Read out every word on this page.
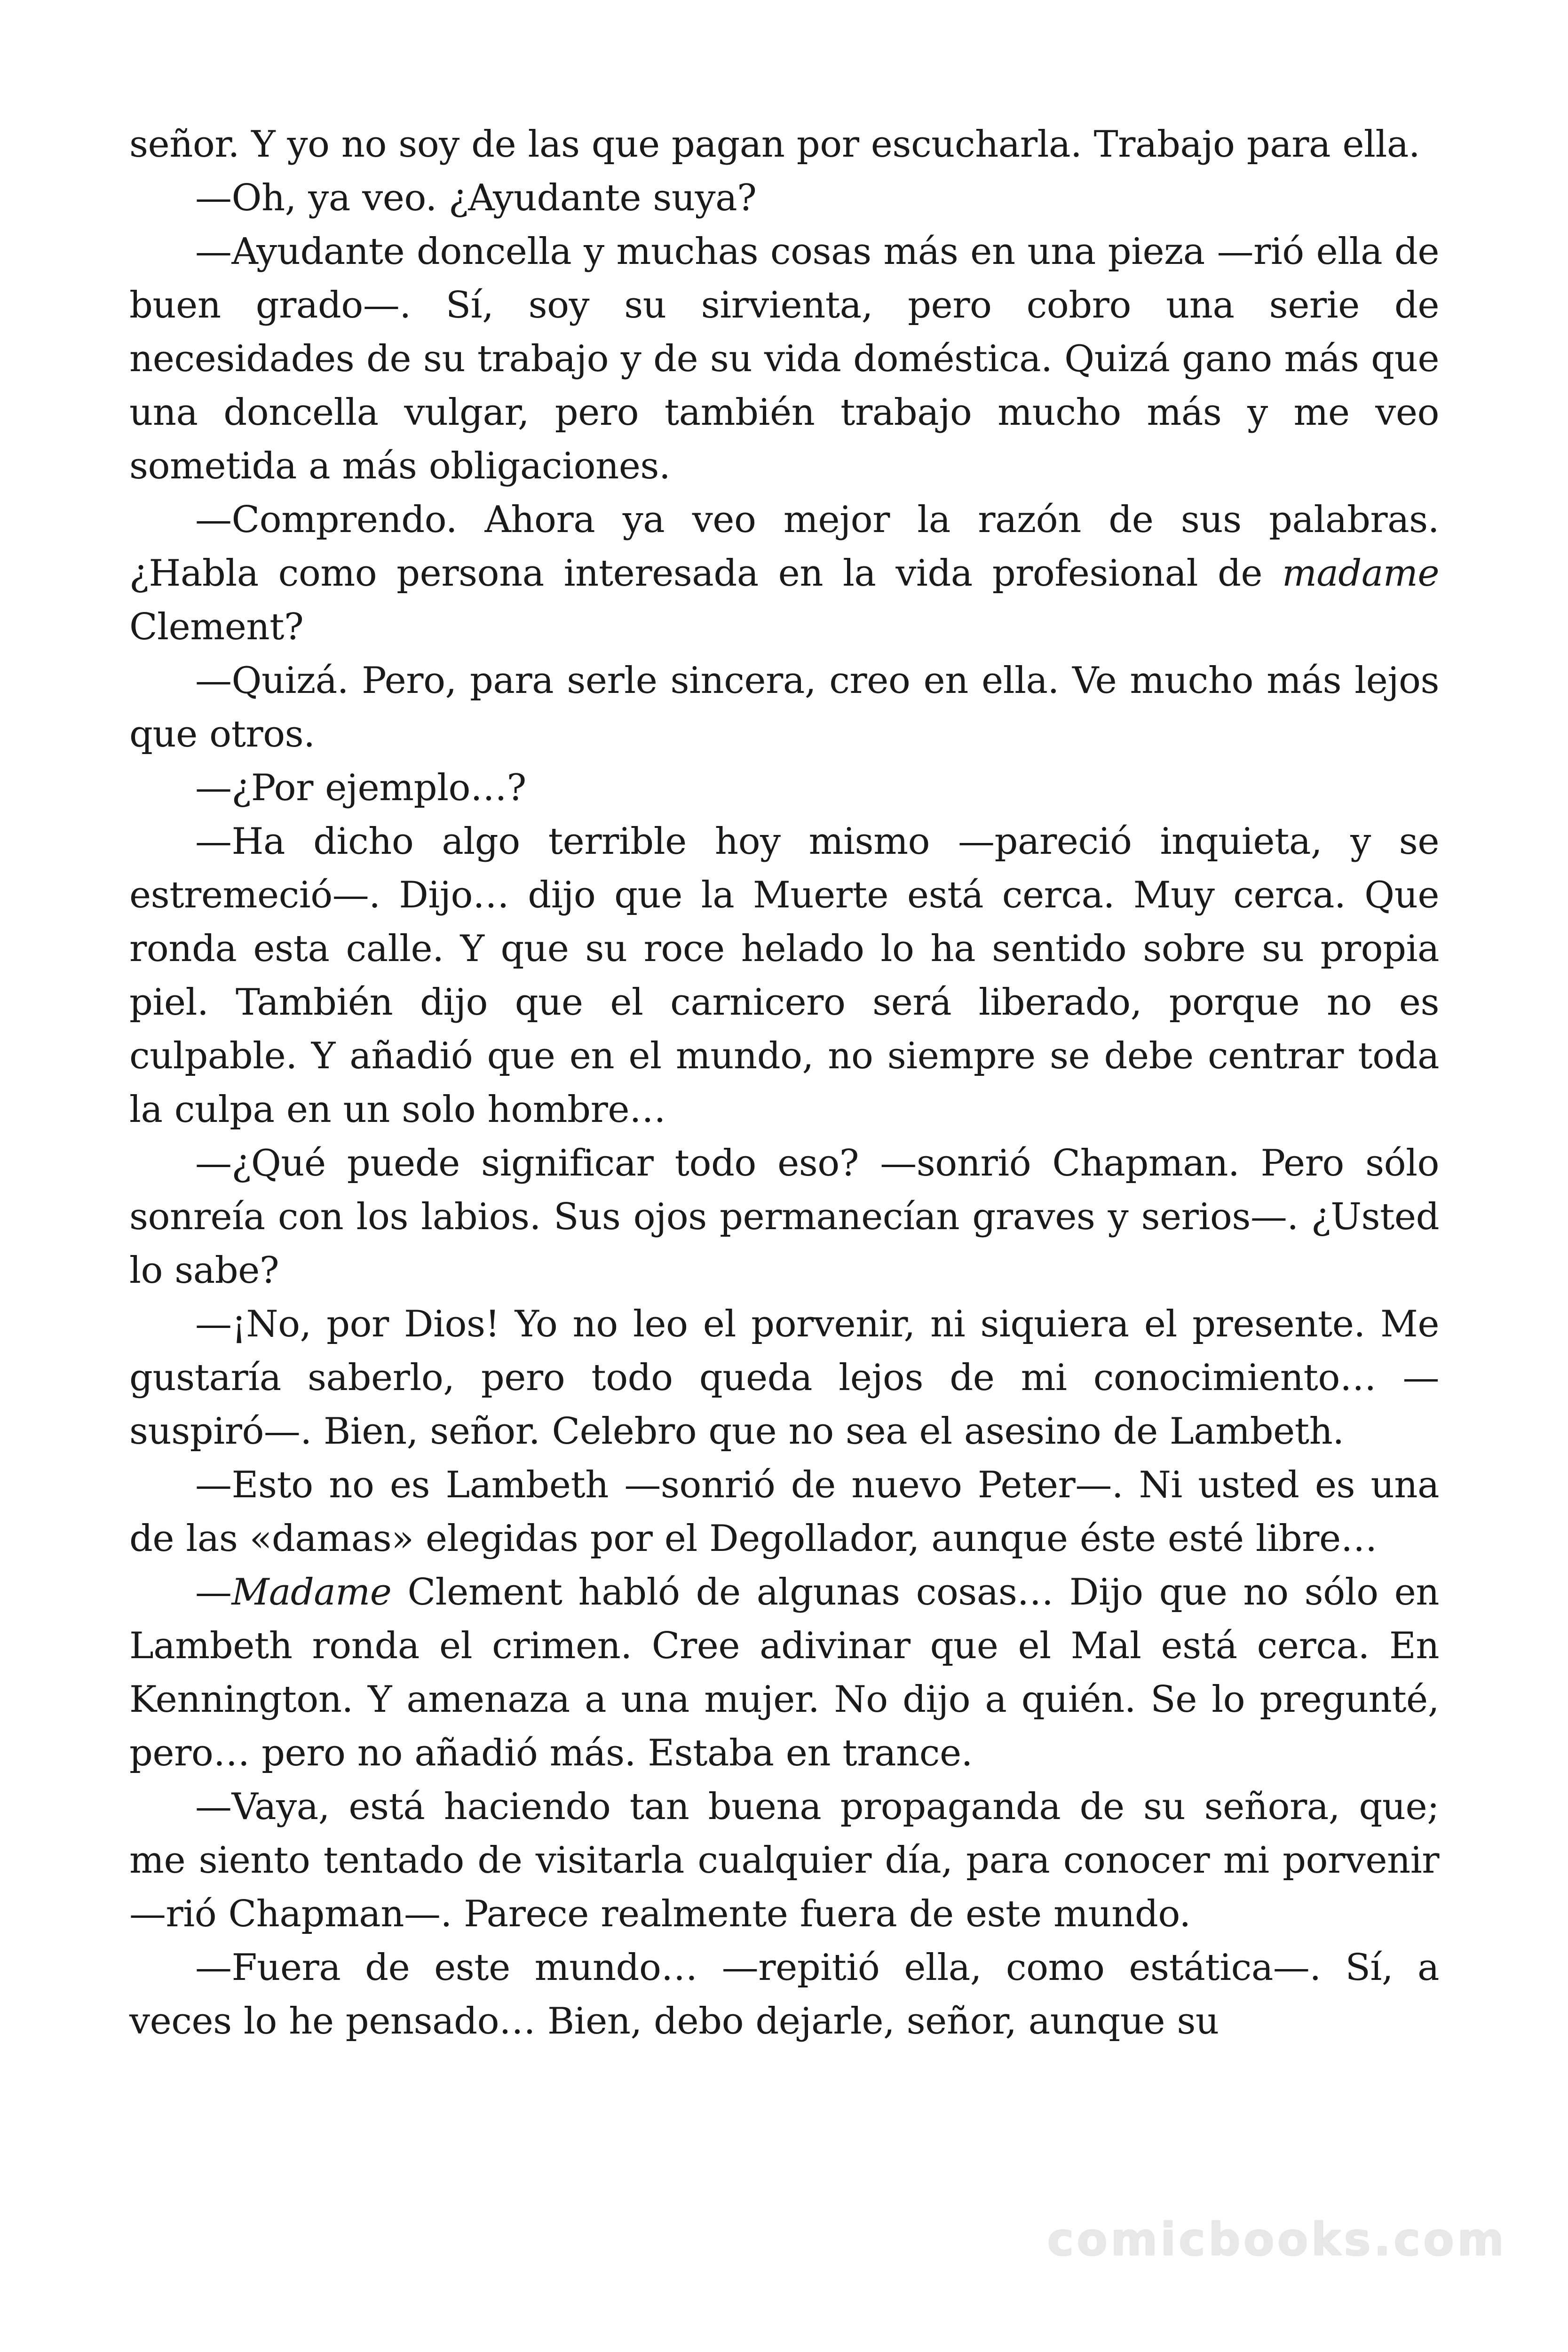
señor. Y yo no soy de las que pagan por escucharla. Trabajo para ella.

—Oh, ya veo. ¿Ayudante suya?

—Ayudante doncella y muchas cosas más en una pieza —rió ella de buen grado—. Sí, soy su sirvienta, pero cobro una serie de necesidades de su trabajo y de su vida doméstica. Quizá gano más que una doncella vulgar, pero también trabajo mucho más y me veo sometida a más obligaciones.

—Comprendo. Ahora ya veo mejor la razón de sus palabras. ¿Habla como persona interesada en la vida profesional de madame Clement?

—Quizá. Pero, para serle sincera, creo en ella. Ve mucho más lejos que otros.

—¿Por ejemplo…?

—Ha dicho algo terrible hoy mismo —pareció inquieta, y se estremeció—. Dijo… dijo que la Muerte está cerca. Muy cerca. Que ronda esta calle. Y que su roce helado lo ha sentido sobre su propia piel. También dijo que el carnicero será liberado, porque no es culpable. Y añadió que en el mundo, no siempre se debe centrar toda la culpa en un solo hombre…

—¿Qué puede significar todo eso? —sonrió Chapman. Pero sólo sonreía con los labios. Sus ojos permanecían graves y serios—. ¿Usted lo sabe?

—¡No, por Dios! Yo no leo el porvenir, ni siquiera el presente. Me gustaría saberlo, pero todo queda lejos de mi conocimiento… —suspiró—. Bien, señor. Celebro que no sea el asesino de Lambeth.

—Esto no es Lambeth —sonrió de nuevo Peter—. Ni usted es una de las «damas» elegidas por el Degollador, aunque éste esté libre…

—Madame Clement habló de algunas cosas… Dijo que no sólo en Lambeth ronda el crimen. Cree adivinar que el Mal está cerca. En Kennington. Y amenaza a una mujer. No dijo a quién. Se lo pregunté, pero… pero no añadió más. Estaba en trance.

—Vaya, está haciendo tan buena propaganda de su señora, que; me siento tentado de visitarla cualquier día, para conocer mi porvenir —rió Chapman—. Parece realmente fuera de este mundo.

—Fuera de este mundo… —repitió ella, como estática—. Sí, a veces lo he pensado… Bien, debo dejarle, señor, aunque su

comicbooks.com
